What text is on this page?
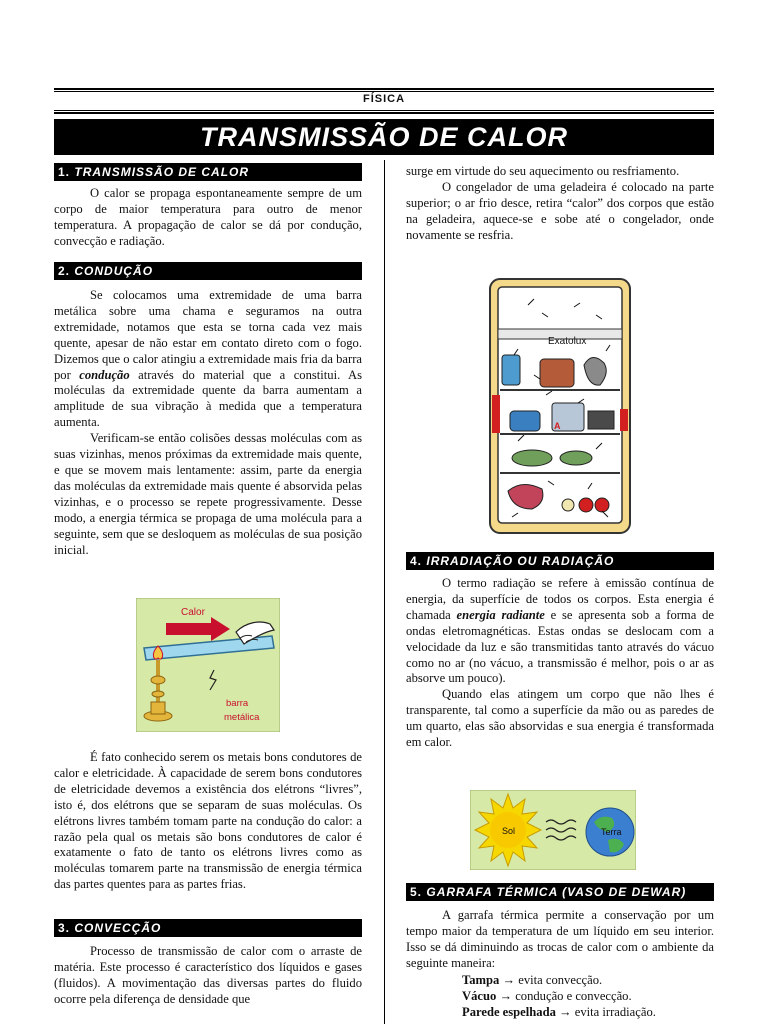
FÍSICA
TRANSMISSÃO DE CALOR
1. TRANSMISSÃO DE CALOR

O calor se propaga espontaneamente sempre de um corpo de maior temperatura para outro de menor temperatura. A propagação de calor se dá por condução, convecção e radiação.

2. CONDUÇÃO

Se colocamos uma extremidade de uma barra metálica sobre uma chama e seguramos na outra extremidade, notamos que esta se torna cada vez mais quente, apesar de não estar em contato direto com o fogo. Dizemos que o calor atingiu a extremidade mais fria da barra por condução através do material que a constitui. As moléculas da extremidade quente da barra aumentam a amplitude de sua vibração à medida que a temperatura aumenta.

Verificam-se então colisões dessas moléculas com as suas vizinhas, menos próximas da extremidade mais quente, e que se movem mais lentamente: assim, parte da energia das moléculas da extremidade mais quente é absorvida pelas vizinhas, e o processo se repete progressivamente. Desse modo, a energia térmica se propaga de uma molécula para a seguinte, sem que se desloquem as moléculas de sua posição inicial.

Calor
barra
metálica

É fato conhecido serem os metais bons condutores de calor e eletricidade. À capacidade de serem bons condutores de eletricidade devemos a existência dos elétrons “livres”, isto é, dos elétrons que se separam de suas moléculas. Os elétrons livres também tomam parte na condução do calor: a razão pela qual os metais são bons condutores de calor é exatamente o fato de tanto os elétrons livres como as moléculas tomarem parte na transmissão de energia térmica das partes quentes para as partes frias.

3. CONVECÇÃO

Processo de transmissão de calor com o arraste de matéria. Este processo é característico dos líquidos e gases (fluidos). A movimentação das diversas partes do fluido ocorre pela diferença de densidade que

surge em virtude do seu aquecimento ou resfriamento.

O congelador de uma geladeira é colocado na parte superior; o ar frio desce, retira “calor” dos corpos que estão na geladeira, aquece-se e sobe até o congelador, onde novamente se resfria.

Exatolux
A
4. IRRADIAÇÃO OU RADIAÇÃO

O termo radiação se refere à emissão contínua de energia, da superfície de todos os corpos. Esta energia é chamada energia radiante e se apresenta sob a forma de ondas eletromagnéticas. Estas ondas se deslocam com a velocidade da luz e são transmitidas tanto através do vácuo como no ar (no vácuo, a transmissão é melhor, pois o ar as absorve um pouco).

Quando elas atingem um corpo que não lhes é transparente, tal como a superfície da mão ou as paredes de um quarto, elas são absorvidas e sua energia é transformada em calor.

Sol	Terra
5. GARRAFA TÉRMICA (VASO DE DEWAR)

A garrafa térmica permite a conservação por um tempo maior da temperatura de um líquido em seu interior. Isso se dá diminuindo as trocas de calor com o ambiente da seguinte maneira:

Tampa → evita convecção.
Vácuo → condução e convecção.
Parede espelhada → evita irradiação.
